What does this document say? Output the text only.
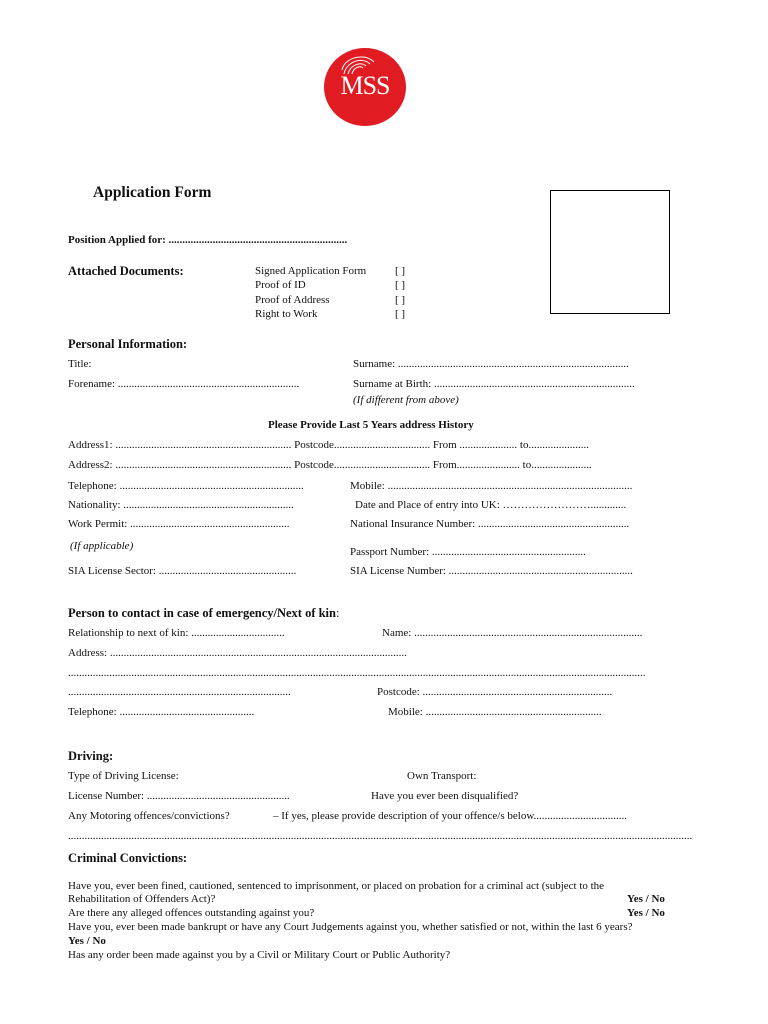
MSS
Application Form
Position Applied for: .................................................................
Attached Documents:	Signed Application Form	[ ]
Proof of ID	[ ]
Proof of Address	[ ]
Right to Work	[ ]
Personal Information:
Title:	Surname: ....................................................................................
Forename: ..................................................................	Surname at Birth: .........................................................................
(If different from above)
Please Provide Last 5 Years address History
Address1: ................................................................ Postcode................................... From ..................... to......................
Address2: ................................................................ Postcode................................... From....................... to......................
Telephone: ...................................................................	Mobile: .........................................................................................
Nationality: ..............................................................	Date and Place of entry into UK: …………………….............
Work Permit: ..........................................................	National Insurance Number: .......................................................
(If applicable)	Passport Number: ........................................................
SIA License Sector: ..................................................	SIA License Number: ...................................................................
Person to contact in case of emergency/Next of kin:
Relationship to next of kin: ..................................	Name: ...................................................................................
Address: ............................................................................................................
..................................................................................................................................................................................................................
.................................................................................	Postcode: .....................................................................
Telephone: .................................................	Mobile: ................................................................
Driving:
Type of Driving License:	Own Transport:
License Number: ....................................................	Have you ever been disqualified?
Any Motoring offences/convictions?	– If yes, please provide description of your offence/s below..................................
...................................................................................................................................................................................................................................
Criminal Convictions:
Have you, ever been fined, cautioned, sentenced to imprisonment, or placed on probation for a criminal act (subject to the
Rehabilitation of Offenders Act)?	Yes / No
Are there any alleged offences outstanding against you?	Yes / No
Have you, ever been made bankrupt or have any Court Judgements against you, whether satisfied or not, within the last 6 years?
Yes / No
Has any order been made against you by a Civil or Military Court or Public Authority?
